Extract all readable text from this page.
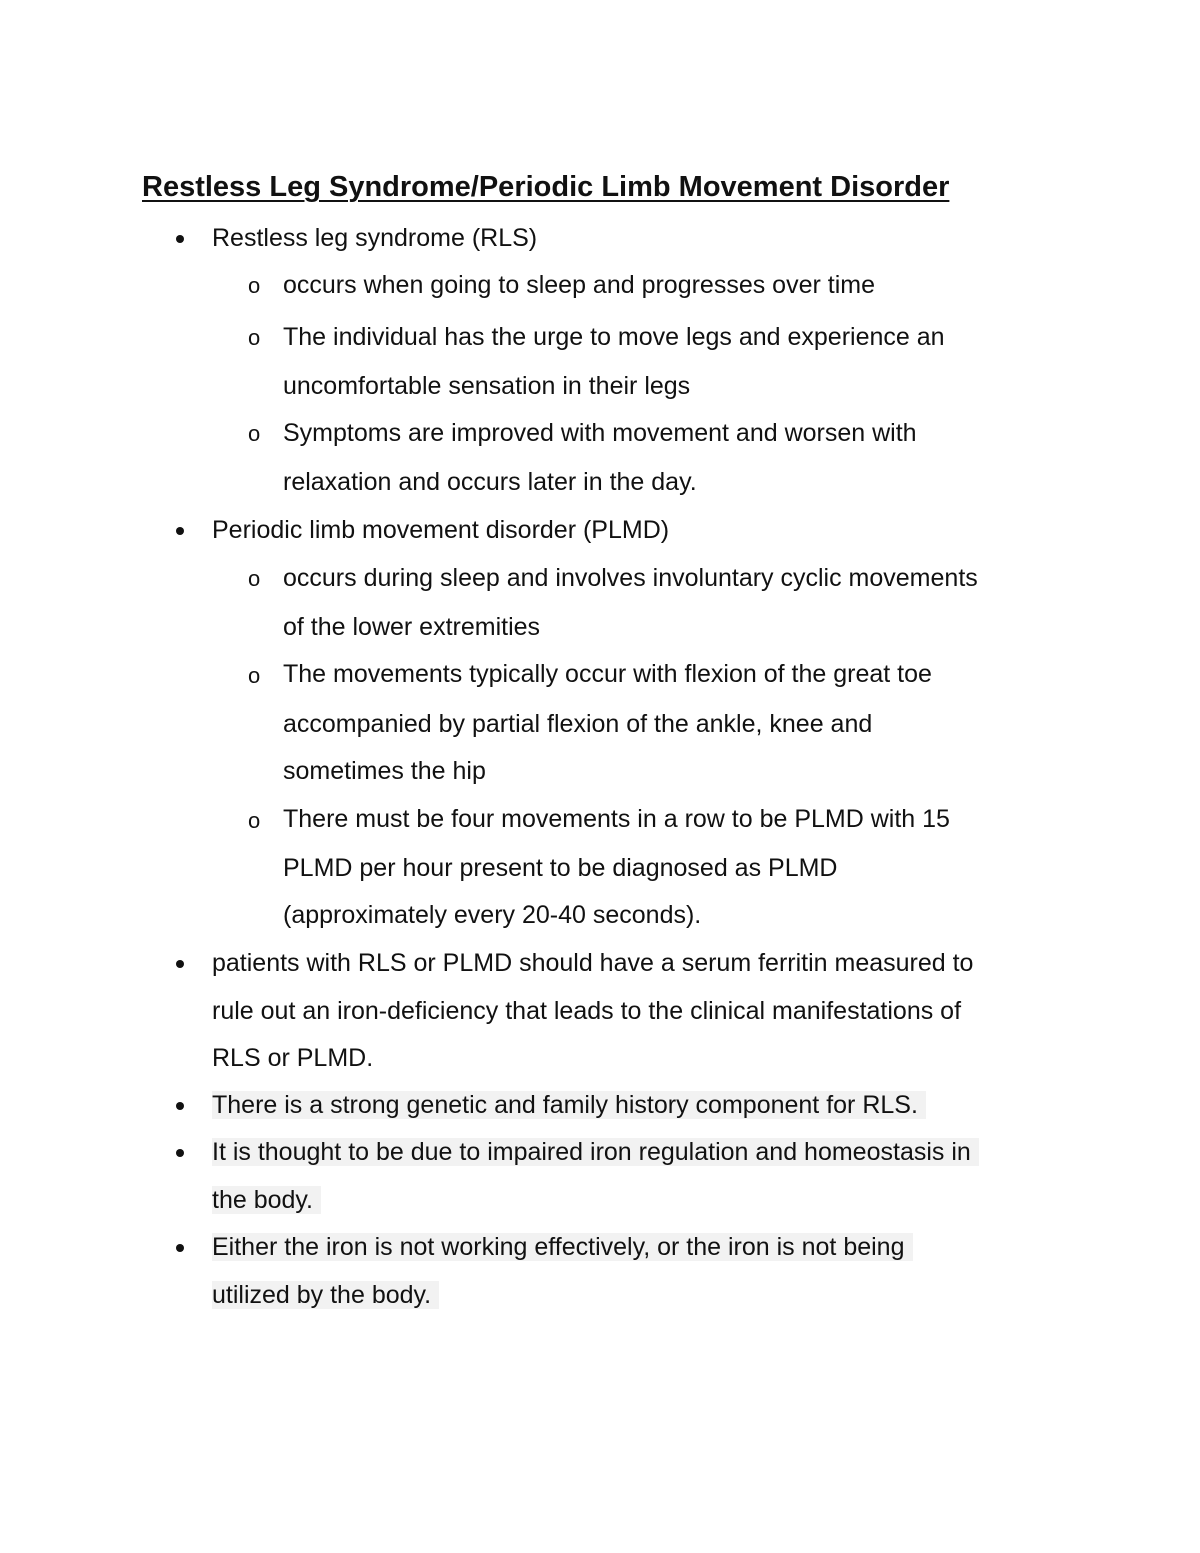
Restless Leg Syndrome/Periodic Limb Movement Disorder
Restless leg syndrome (RLS)
o occurs when going to sleep and progresses over time
o The individual has the urge to move legs and experience an
uncomfortable sensation in their legs
o Symptoms are improved with movement and worsen with
relaxation and occurs later in the day.
Periodic limb movement disorder (PLMD)
o occurs during sleep and involves involuntary cyclic movements
of the lower extremities
o The movements typically occur with flexion of the great toe
accompanied by partial flexion of the ankle, knee and
sometimes the hip
o There must be four movements in a row to be PLMD with 15
PLMD per hour present to be diagnosed as PLMD
(approximately every 20-40 seconds).
patients with RLS or PLMD should have a serum ferritin measured to
rule out an iron-deficiency that leads to the clinical manifestations of
RLS or PLMD.
There is a strong genetic and family history component for RLS.
It is thought to be due to impaired iron regulation and homeostasis in
the body.
Either the iron is not working effectively, or the iron is not being
utilized by the body.
